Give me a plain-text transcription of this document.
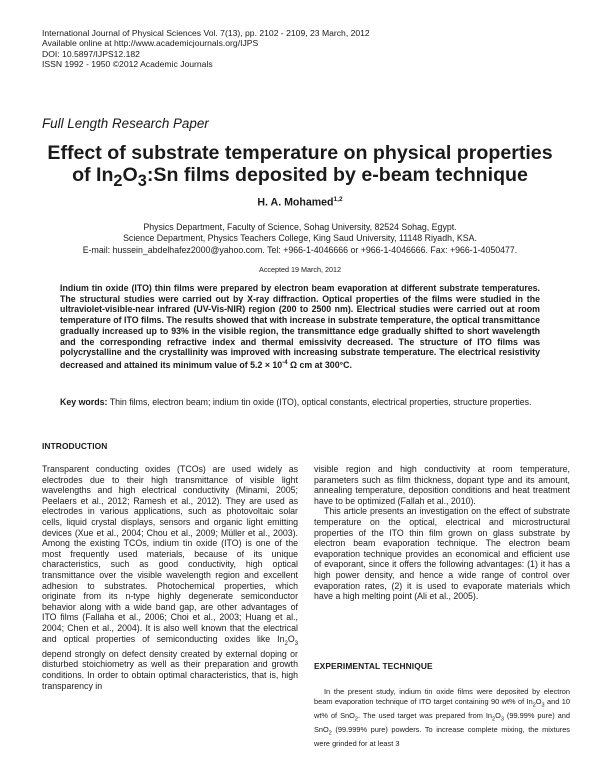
International Journal of Physical Sciences Vol. 7(13), pp. 2102 - 2109, 23 March, 2012
Available online at http://www.academicjournals.org/IJPS
DOI: 10.5897/IJPS12.182
ISSN 1992 - 1950 ©2012 Academic Journals
Full Length Research Paper
Effect of substrate temperature on physical properties
of $In_2O_3:Sn$ films deposited by e-beam technique
H. A. Mohamed$^{1,2}$
Physics Department, Faculty of Science, Sohag University, 82524 Sohag, Egypt.
Science Department, Physics Teachers College, King Saud University, 11148 Riyadh, KSA.
E-mail: hussein_abdelhafez2000@yahoo.com. Tel: +966-1-4046666 or +966-1-4046666. Fax: +966-1-4050477.
Accepted 19 March, 2012
Indium tin oxide (ITO) thin films were prepared by electron beam evaporation at different substrate temperatures. The structural studies were carried out by X-ray diffraction. Optical properties of the films were studied in the ultraviolet-visible-near infrared (UV-Vis-NIR) region (200 to 2500 nm). Electrical studies were carried out at room temperature of ITO films. The results showed that with increase in substrate temperature, the optical transmittance gradually increased up to 93% in the visible region, the transmittance edge gradually shifted to short wavelength and the corresponding refractive index and thermal emissivity decreased. The structure of ITO films was polycrystalline and the crystallinity was improved with increasing substrate temperature. The electrical resistivity decreased and attained its minimum value of $5.2 \times 10^{-4}$ Ω cm at 300°C.
Key words: Thin films, electron beam; indium tin oxide (ITO), optical constants, electrical properties, structure properties.
INTRODUCTION

Transparent conducting oxides (TCOs) are used widely as electrodes due to their high transmittance of visible light wavelengths and high electrical conductivity (Minami, 2005; Peelaers et al., 2012; Ramesh et al., 2012). They are used as electrodes in various applications, such as photovoltaic solar cells, liquid crystal displays, sensors and organic light emitting devices (Xue et al., 2004; Chou et al., 2009; Müller et al., 2003). Among the existing TCOs, indium tin oxide (ITO) is one of the most frequently used materials, because of its unique characteristics, such as good conductivity, high optical transmittance over the visible wavelength region and excellent adhesion to substrates. Photochemical properties, which originate from its n-type highly degenerate semiconductor behavior along with a wide band gap, are other advantages of ITO films (Fallaha et al., 2006; Choi et al., 2003; Huang et al., 2004; Chen et al., 2004). It is also well known that the electrical and optical properties of semiconducting oxides like $In_2O_3$ depend strongly on defect density created by external doping or disturbed stoichiometry as well as their preparation and growth conditions. In order to obtain optimal characteristics, that is, high transparency in

visible region and high conductivity at room temperature, parameters such as film thickness, dopant type and its amount, annealing temperature, deposition conditions and heat treatment have to be optimized (Fallah et al., 2010).

This article presents an investigation on the effect of substrate temperature on the optical, electrical and microstructural properties of the ITO thin film grown on glass substrate by electron beam evaporation technique. The electron beam evaporation technique provides an economical and efficient use of evaporant, since it offers the following advantages: (1) it has a high power density, and hence a wide range of control over evaporation rates, (2) it is used to evaporate materials which have a high melting point (Ali et al., 2005).

EXPERIMENTAL TECHNIQUE
In the present study, indium tin oxide films were deposited by electron beam evaporation technique of ITO target containing 90 wt% of $In_2O_3$ and 10 wt% of SnO$_2$. The used target was prepared from $In_2O_3$ (99.99% pure) and SnO$_2$ (99.999% pure) powders. To increase complete mixing, the mixtures were grinded for at least 3
